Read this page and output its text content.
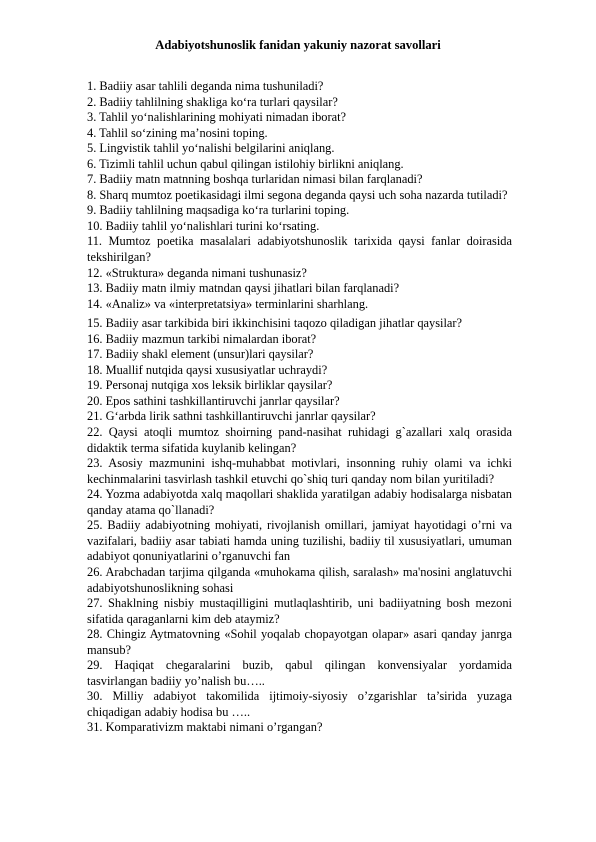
Adabiyotshunoslik fanidan yakuniy nazorat savollari

1. Badiiy asar tahlili deganda nima tushuniladi?

2. Badiiy tahlilning shakliga ko‘ra turlari qaysilar?

3. Tahlil yo‘nalishlarining mohiyati nimadan iborat?

4. Tahlil so‘zining ma’nosini toping.

5. Lingvistik tahlil yo‘nalishi belgilarini aniqlang.

6. Tizimli tahlil uchun qabul qilingan istilohiy birlikni aniqlang.

7. Badiiy matn matnning boshqa turlaridan nimasi bilan farqlanadi?

8. Sharq mumtoz poetikasidagi ilmi segona deganda qaysi uch soha nazarda tutiladi?

9. Badiiy tahlilning maqsadiga ko‘ra turlarini toping.

10. Badiiy tahlil yo‘nalishlari turini ko‘rsating.

11. Mumtoz poetika masalalari adabiyotshunoslik tarixida qaysi fanlar doirasida tekshirilgan?

12. «Struktura» deganda nimani tushunasiz?

13. Badiiy matn ilmiy matndan qaysi jihatlari bilan farqlanadi?

14. «Analiz» va «interpretatsiya» terminlarini sharhlang.

15. Badiiy asar tarkibida biri ikkinchisini taqozo qiladigan jihatlar qaysilar?

16. Badiiy mazmun tarkibi nimalardan iborat?

17. Badiiy shakl element (unsur)lari qaysilar?

18. Muallif nutqida qaysi xususiyatlar uchraydi?

19. Personaj nutqiga xos leksik birliklar qaysilar?

20. Epos sathini tashkillantiruvchi janrlar qaysilar?

21. G‘arbda lirik sathni tashkillantiruvchi janrlar qaysilar?

22. Qaysi atoqli mumtoz shoirning pand-nasihat ruhidagi g`azallari xalq orasida didaktik terma sifatida kuylanib kelingan?

23. Asosiy mazmunini ishq-muhabbat motivlari, insonning ruhiy olami va ichki kechinmalarini tasvirlash tashkil etuvchi qo`shiq turi qanday nom bilan yuritiladi?

24. Yozma adabiyotda xalq maqollari shaklida yaratilgan adabiy hodisalarga nisbatan qanday atama qo`llanadi?

25. Badiiy adabiyotning mohiyati, rivojlanish omillari, jamiyat hayotidagi o’rni va vazifalari, badiiy asar tabiati hamda uning tuzilishi, badiiy til xususiyatlari, umuman adabiyot qonuniyatlarini o’rganuvchi fan

26. Arabchadan tarjima qilganda «muhokama qilish, saralash» ma'nosini anglatuvchi adabiyotshunoslikning sohasi

27. Shaklning nisbiy mustaqilligini mutlaqlashtirib, uni badiiyatning bosh mezoni sifatida qaraganlarni kim deb ataymiz?

28. Chingiz Aytmatovning «Sohil yoqalab chopayotgan olapar» asari qanday janrga mansub?

29. Haqiqat chegaralarini buzib, qabul qilingan konvensiyalar yordamida tasvirlangan badiiy yo’nalish bu…..

30. Milliy adabiyot takomilida ijtimoiy-siyosiy o’zgarishlar ta’sirida yuzaga chiqadigan adabiy hodisa bu …..

31. Komparativizm maktabi nimani o’rgangan?
